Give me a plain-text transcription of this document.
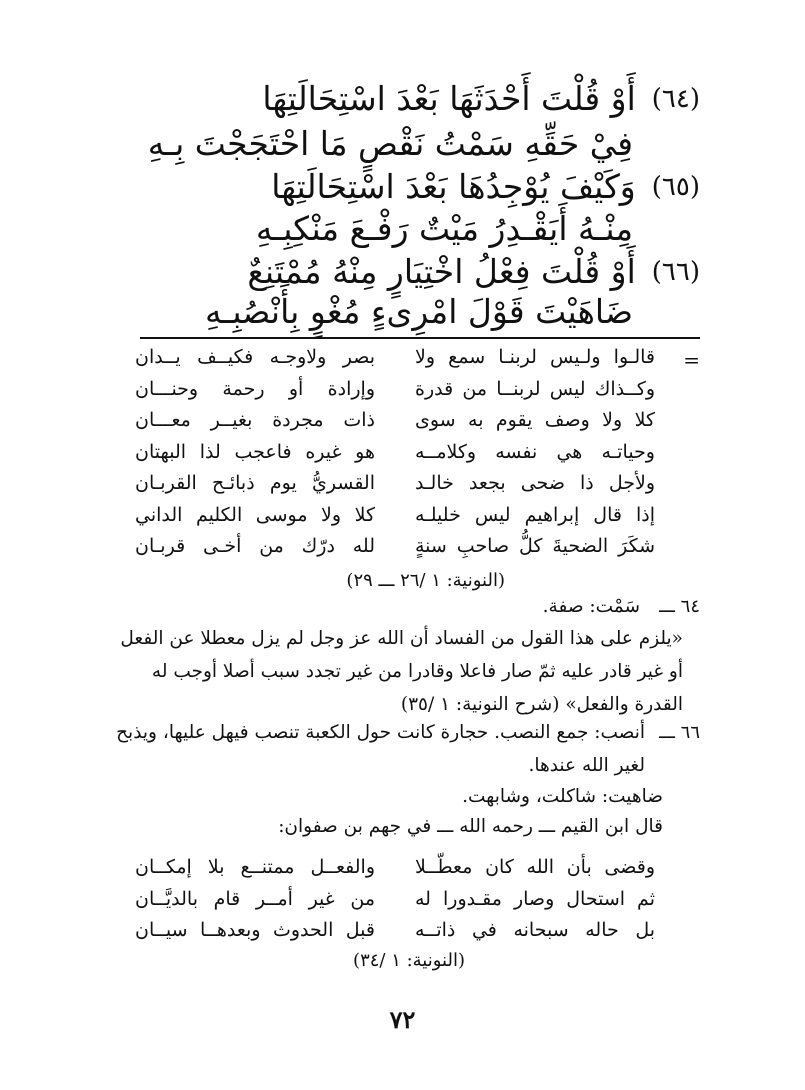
(٦٤)
أَوْ قُلْتَ أَحْدَثَهَا بَعْدَ اسْتِحَالَتِهَا
فِيْ حَقِّهِ سَمْتُ نَقْصٍ مَا احْتَجَجْتَ بِـهِ
(٦٥)
وَكَيْفَ يُوْجِدُهَا بَعْدَ اسْتِحَالَتِهَا
مِنْـهُ أَيَقْـدِرُ مَيْتٌ رَفْـعَ مَنْكِبِـهِ
(٦٦)
أَوْ قُلْتَ فِعْلُ اخْتِيَارٍ مِنْهُ مُمْتَنِعٌ
ضَاهَيْتَ قَوْلَ امْرِىءٍ مُغْوٍ بِأَنْصُبِـهِ
=
قالـوا ولـيس لربنـا سمع ولا
بصر ولاوجـه فكيــف يــدان
وكــذاك ليس لربنــا من قدرة
وإرادة أو رحمة وحنـــان
كلا ولا وصف يقوم به سوى
ذات مجردة بغيــر معـــان
وحياتـه هي نفسه وكلامــه
هو غيره فاعجب لذا البهتان
ولأجل ذا ضحى بجعد خالـد
القسريُّ يوم ذبائـح القربـان
إذا قال إبراهيم ليس خليلـه
كلا ولا موسى الكليم الداني
شكَرَ الضحيةَ كلُّ صاحبِ سنةٍ
لله درّك من أخـى قربـان
(النونية: ١ /٢٦ ـــ ٢٩)
٦٤ ـــ
سَمْت: صفة.
«يلزم على هذا القول من الفساد أن الله عز وجل لم يزل معطلا عن الفعل أو غير قادر عليه ثمّ صار فاعلا وقادرا من غير تجدد سبب أصلا أوجب له القدرة والفعل» (شرح النونية: ١ /٣٥)
٦٦ ـــ
أنصب: جمع النصب. حجارة كانت حول الكعبة تنصب فيهل عليها، ويذبح لغير الله عندها.
ضاهيت: شاكلت، وشابهت.
قال ابن القيم ـــ رحمه الله ـــ في جهم بن صفوان:
وقضى بأن الله كان معطّــلا
والفعــل ممتنــع بلا إمكــان
ثم استحال وصار مقـدورا له
من غير أمــر قام بالديَّــان
بل حاله سبحانه في ذاتــه
قبل الحدوث وبعدهــا سيــان
(النونية: ١ /٣٤)
٧٢
